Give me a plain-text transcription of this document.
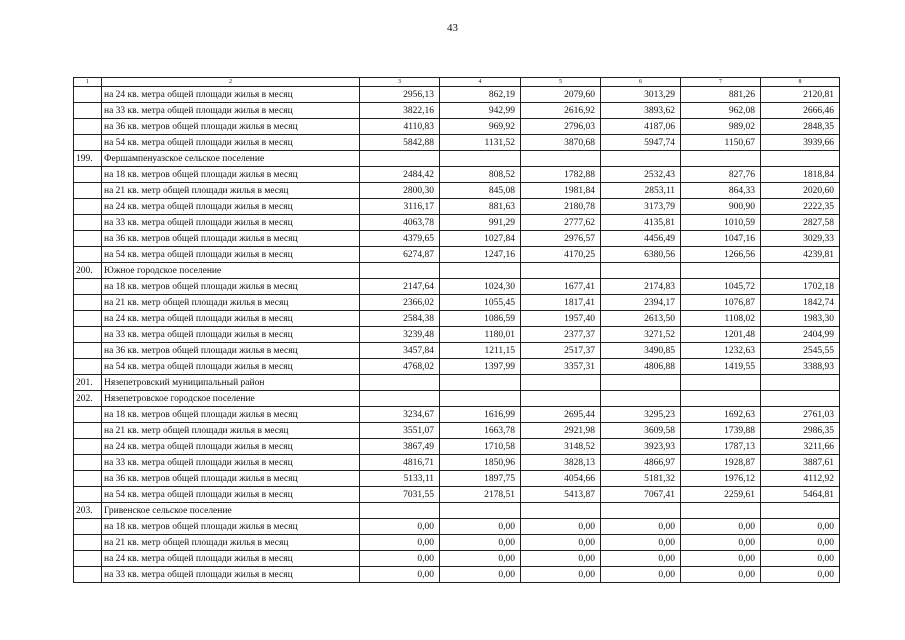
43
1	2	3	4	5	6	7	8
	на 24 кв. метра общей площади жилья в месяц	2956,13	862,19	2079,60	3013,29	881,26	2120,81
	на 33 кв. метра общей площади жилья в месяц	3822,16	942,99	2616,92	3893,62	962,08	2666,46
	на 36 кв. метров общей площади жилья в месяц	4110,83	969,92	2796,03	4187,06	989,02	2848,35
	на 54 кв. метра общей площади жилья в месяц	5842,88	1131,52	3870,68	5947,74	1150,67	3939,66
199.	Фершампенуазское сельское поселение						
	на 18 кв. метров общей площади жилья в месяц	2484,42	808,52	1782,88	2532,43	827,76	1818,84
	на 21 кв. метр общей площади жилья в месяц	2800,30	845,08	1981,84	2853,11	864,33	2020,60
	на 24 кв. метра общей площади жилья в месяц	3116,17	881,63	2180,78	3173,79	900,90	2222,35
	на 33 кв. метра общей площади жилья в месяц	4063,78	991,29	2777,62	4135,81	1010,59	2827,58
	на 36 кв. метров общей площади жилья в месяц	4379,65	1027,84	2976,57	4456,49	1047,16	3029,33
	на 54 кв. метра общей площади жилья в месяц	6274,87	1247,16	4170,25	6380,56	1266,56	4239,81
200.	Южное городское поселение						
	на 18 кв. метров общей площади жилья в месяц	2147,64	1024,30	1677,41	2174,83	1045,72	1702,18
	на 21 кв. метр общей площади жилья в месяц	2366,02	1055,45	1817,41	2394,17	1076,87	1842,74
	на 24 кв. метра общей площади жилья в месяц	2584,38	1086,59	1957,40	2613,50	1108,02	1983,30
	на 33 кв. метра общей площади жилья в месяц	3239,48	1180,01	2377,37	3271,52	1201,48	2404,99
	на 36 кв. метров общей площади жилья в месяц	3457,84	1211,15	2517,37	3490,85	1232,63	2545,55
	на 54 кв. метра общей площади жилья в месяц	4768,02	1397,99	3357,31	4806,88	1419,55	3388,93
201.	Нязепетровский муниципальный район						
202.	Нязепетровское городское поселение						
	на 18 кв. метров общей площади жилья в месяц	3234,67	1616,99	2695,44	3295,23	1692,63	2761,03
	на 21 кв. метр общей площади жилья в месяц	3551,07	1663,78	2921,98	3609,58	1739,88	2986,35
	на 24 кв. метра общей площади жилья в месяц	3867,49	1710,58	3148,52	3923,93	1787,13	3211,66
	на 33 кв. метра общей площади жилья в месяц	4816,71	1850,96	3828,13	4866,97	1928,87	3887,61
	на 36 кв. метров общей площади жилья в месяц	5133,11	1897,75	4054,66	5181,32	1976,12	4112,92
	на 54 кв. метра общей площади жилья в месяц	7031,55	2178,51	5413,87	7067,41	2259,61	5464,81
203.	Гривенское сельское поселение						
	на 18 кв. метров общей площади жилья в месяц	0,00	0,00	0,00	0,00	0,00	0,00
	на 21 кв. метр общей площади жилья в месяц	0,00	0,00	0,00	0,00	0,00	0,00
	на 24 кв. метра общей площади жилья в месяц	0,00	0,00	0,00	0,00	0,00	0,00
	на 33 кв. метра общей площади жилья в месяц	0,00	0,00	0,00	0,00	0,00	0,00
